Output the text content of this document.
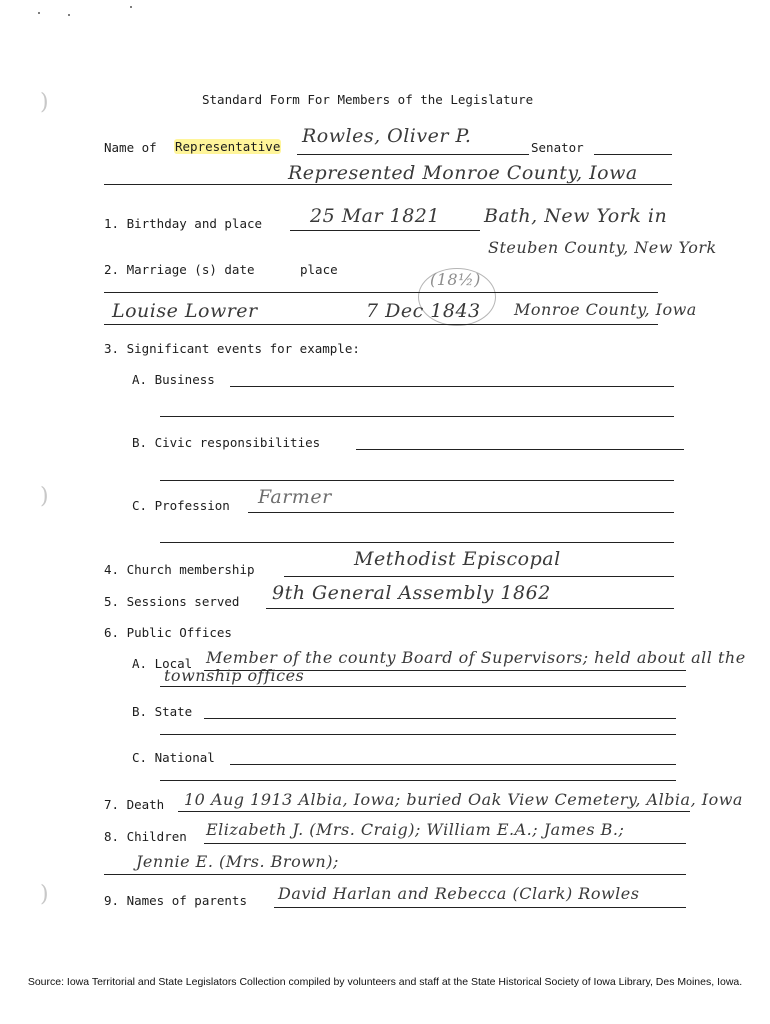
)
)
)
Standard Form For Members of the Legislature
Name of Representative Rowles, Oliver P.
Senator
Represented Monroe County, Iowa
1. Birthday and place	25 Mar 1821 Bath, New York in
Steuben County, New York
2. Marriage (s) date	place
(18½)
Louise Lowrer	7 Dec 1843 Monroe County, Iowa
3. Significant events for example:
A. Business
B. Civic responsibilities
C. Profession Farmer
4. Church membership	Methodist Episcopal
5. Sessions served 9th General Assembly 1862
6. Public Offices
A. Local Member of the county Board of Supervisors; held about all the
township offices
B. State
C. National
7. Death 10 Aug 1913 Albia, Iowa; buried Oak View Cemetery, Albia, Iowa
8. Children Elizabeth J. (Mrs. Craig); William E.A.; James B.;
Jennie E. (Mrs. Brown);
9. Names of parents David Harlan and Rebecca (Clark) Rowles
Source: Iowa Territorial and State Legislators Collection compiled by volunteers and staff at the State Historical Society of Iowa Library, Des Moines, Iowa.
